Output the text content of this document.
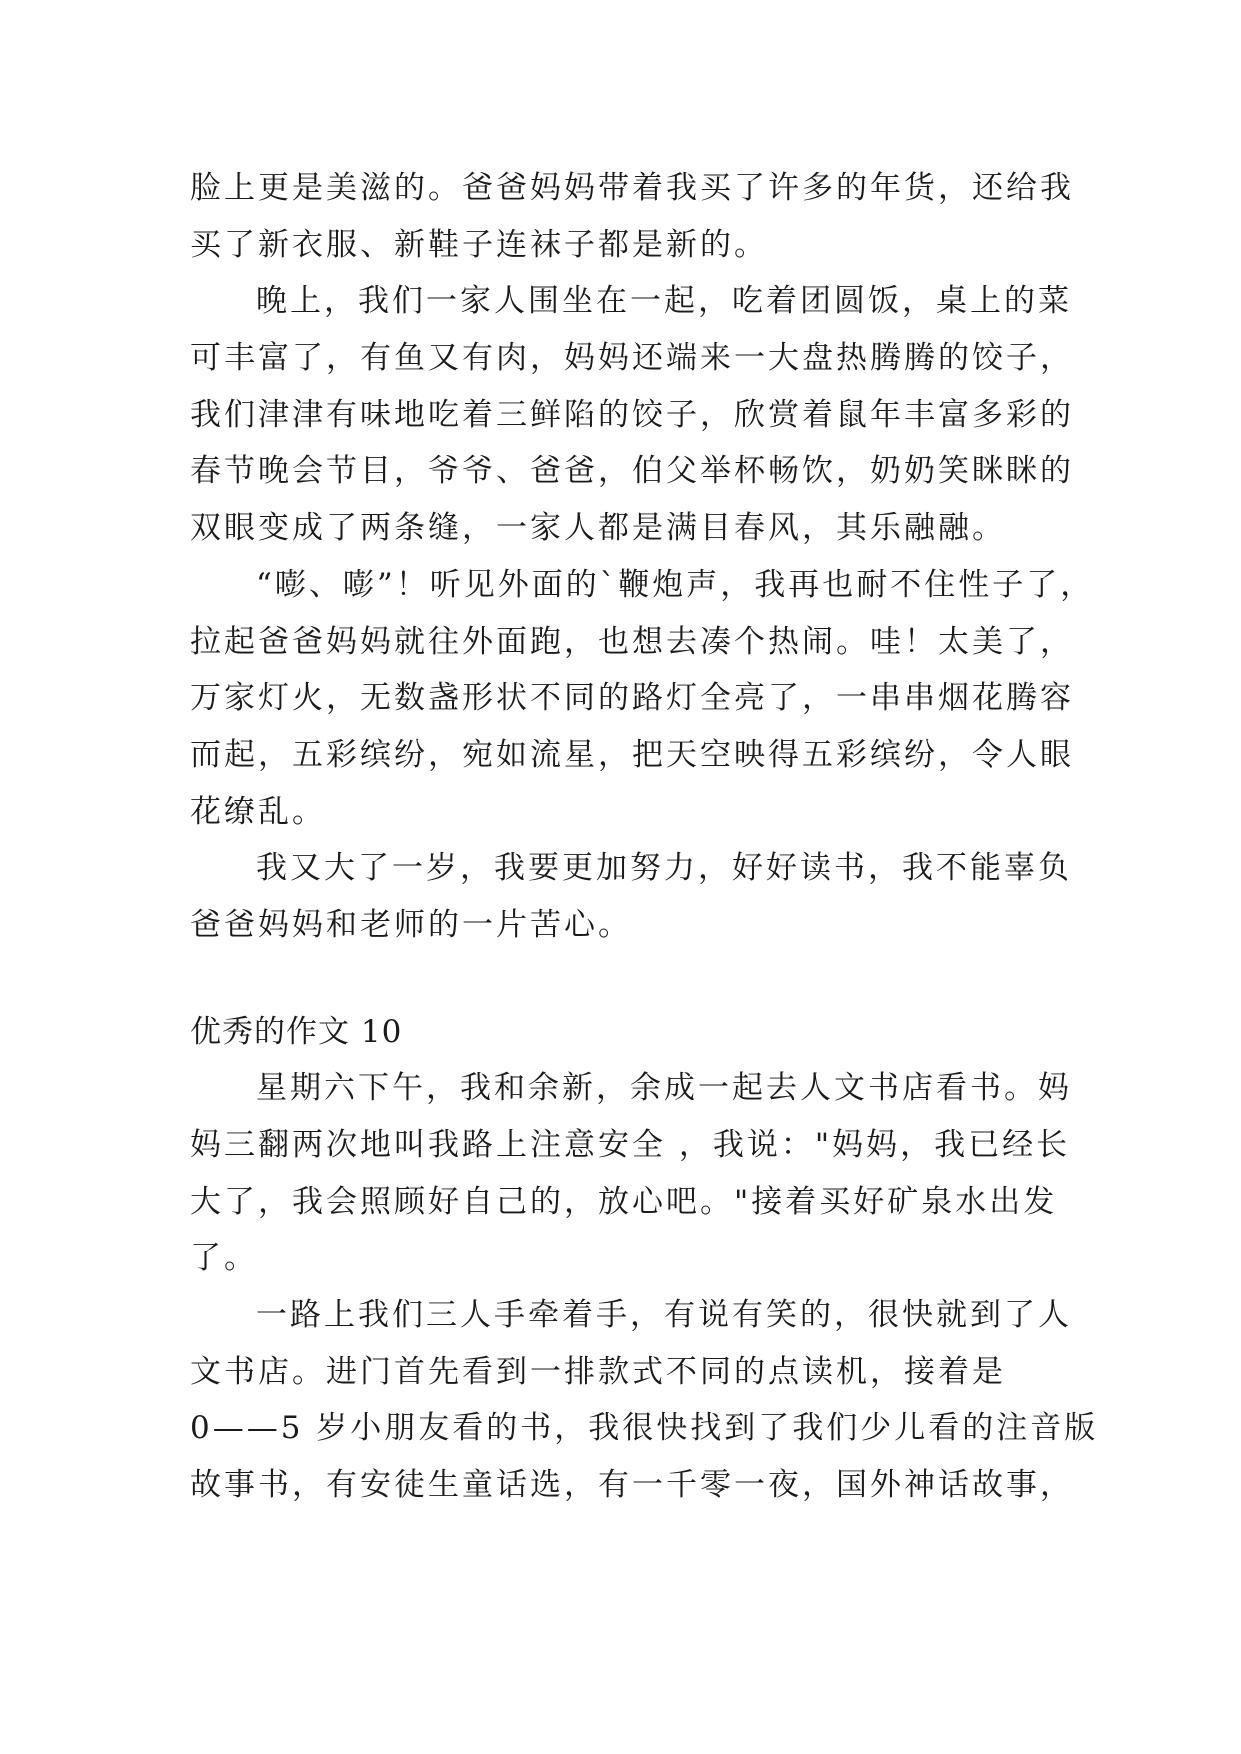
脸上更是美滋的。爸爸妈妈带着我买了许多的年货，还给我
买了新衣服、新鞋子连袜子都是新的。
晚上，我们一家人围坐在一起，吃着团圆饭，桌上的菜
可丰富了，有鱼又有肉，妈妈还端来一大盘热腾腾的饺子，
我们津津有味地吃着三鲜陷的饺子，欣赏着鼠年丰富多彩的
春节晚会节目，爷爷、爸爸，伯父举杯畅饮，奶奶笑眯眯的
双眼变成了两条缝，一家人都是满目春风，其乐融融。
“嘭、嘭”！听见外面的`鞭炮声，我再也耐不住性子了，
拉起爸爸妈妈就往外面跑，也想去凑个热闹。哇！太美了，
万家灯火，无数盏形状不同的路灯全亮了，一串串烟花腾容
而起，五彩缤纷，宛如流星，把天空映得五彩缤纷，令人眼
花缭乱。
我又大了一岁，我要更加努力，好好读书，我不能辜负
爸爸妈妈和老师的一片苦心。
优秀的作文 10
星期六下午，我和余新，余成一起去人文书店看书。妈
妈三翻两次地叫我路上注意安全 ，我说："妈妈，我已经长
大了，我会照顾好自己的，放心吧。"接着买好矿泉水出发
了。
一路上我们三人手牵着手，有说有笑的，很快就到了人
文书店。进门首先看到一排款式不同的点读机，接着是
0——5 岁小朋友看的书，我很快找到了我们少儿看的注音版
故事书，有安徒生童话选，有一千零一夜，国外神话故事，
